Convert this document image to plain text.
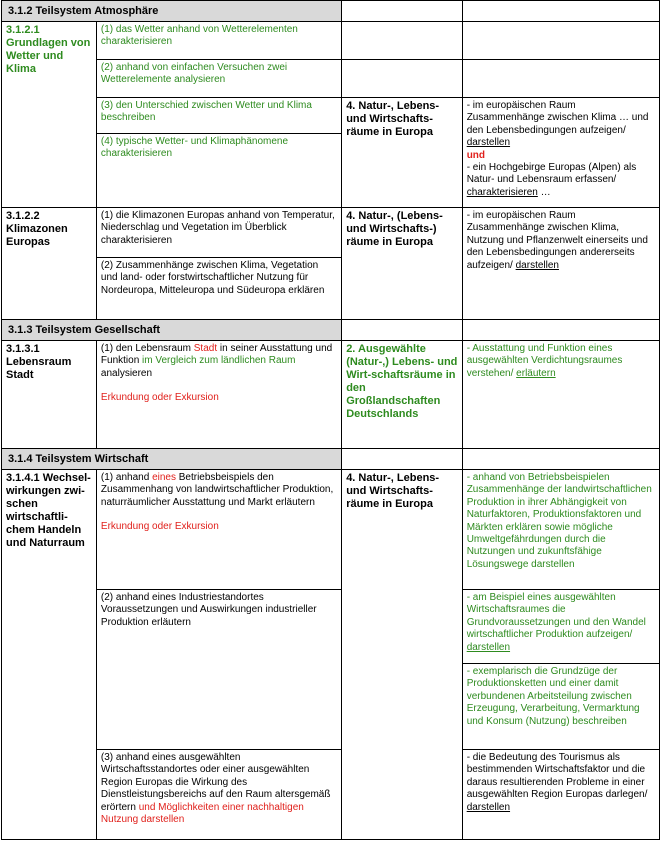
3.1.2 Teilsystem Atmosphäre			
3.1.2.1 Grundlagen von Wetter und Klima	(1) das Wetter anhand von Wetterelementen charakterisieren		
	(2) anhand von einfachen Versuchen zwei Wetterelemente analysieren		
	(3) den Unterschied zwischen Wetter und Klima beschreiben	4. Natur-, Lebens- und Wirtschafts-räume in Europa	- im europäischen Raum Zusammenhänge zwischen Klima … und den Lebensbedingungen aufzeigen/ darstellen
und
- ein Hochgebirge Europas (Alpen) als Natur- und Lebensraum erfassen/ charakterisieren …
	(4) typische Wetter- und Klimaphänomene charakterisieren		
3.1.2.2 Klimazonen Europas	(1) die Klimazonen Europas anhand von Temperatur, Niederschlag und Vegetation im Überblick charakterisieren	4. Natur-, (Lebens- und Wirtschafts-) räume in Europa	- im europäischen Raum Zusammenhänge zwischen Klima, Nutzung und Pflanzenwelt einerseits und den Lebensbedingungen andererseits aufzeigen/ darstellen
	(2) Zusammenhänge zwischen Klima, Vegetation und land- oder forstwirtschaftlicher Nutzung für Nordeuropa, Mitteleuropa und Südeuropa erklären		
3.1.3 Teilsystem Gesellschaft			
3.1.3.1 Lebensraum Stadt	(1) den Lebensraum Stadt in seiner Ausstattung und Funktion im Vergleich zum ländlichen Raum analysieren
Erkundung oder Exkursion	2. Ausgewählte (Natur-,) Lebens- und Wirt-schaftsräume in den Großlandschaften Deutschlands	- Ausstattung und Funktion eines ausgewählten Verdichtungsraumes verstehen/ erläutern
3.1.4 Teilsystem Wirtschaft			
3.1.4.1 Wechsel-wirkungen zwi-schen wirtschaftli-chem Handeln und Naturraum	(1) anhand eines Betriebsbeispiels den Zusammenhang von landwirtschaftlicher Produktion, naturräumlicher Ausstattung und Markt erläutern
Erkundung oder Exkursion	4. Natur-, Lebens- und Wirtschafts-räume in Europa	- anhand von Betriebsbeispielen Zusammenhänge der landwirtschaftlichen Produktion in ihrer Abhängigkeit von Naturfaktoren, Produktionsfaktoren und Märkten erklären sowie mögliche Umweltgefährdungen durch die Nutzungen und zukunftsfähige Lösungswege darstellen
	(2) anhand eines Industriestandortes Voraussetzungen und Auswirkungen industrieller Produktion erläutern		- am Beispiel eines ausgewählten Wirtschaftsraumes die Grundvoraussetzungen und den Wandel wirtschaftlicher Produktion aufzeigen/ darstellen
			- exemplarisch die Grundzüge der Produktionsketten und einer damit verbundenen Arbeitsteilung zwischen Erzeugung, Verarbeitung, Vermarktung und Konsum (Nutzung) beschreiben
	(3) anhand eines ausgewählten Wirtschaftsstandortes oder einer ausgewählten Region Europas die Wirkung des Dienstleistungsbereichs auf den Raum altersgemäß erörtern und Möglichkeiten einer nachhaltigen Nutzung darstellen		- die Bedeutung des Tourismus als bestimmenden Wirtschaftsfaktor und die daraus resultierenden Probleme in einer ausgewählten Region Europas darlegen/ darstellen
